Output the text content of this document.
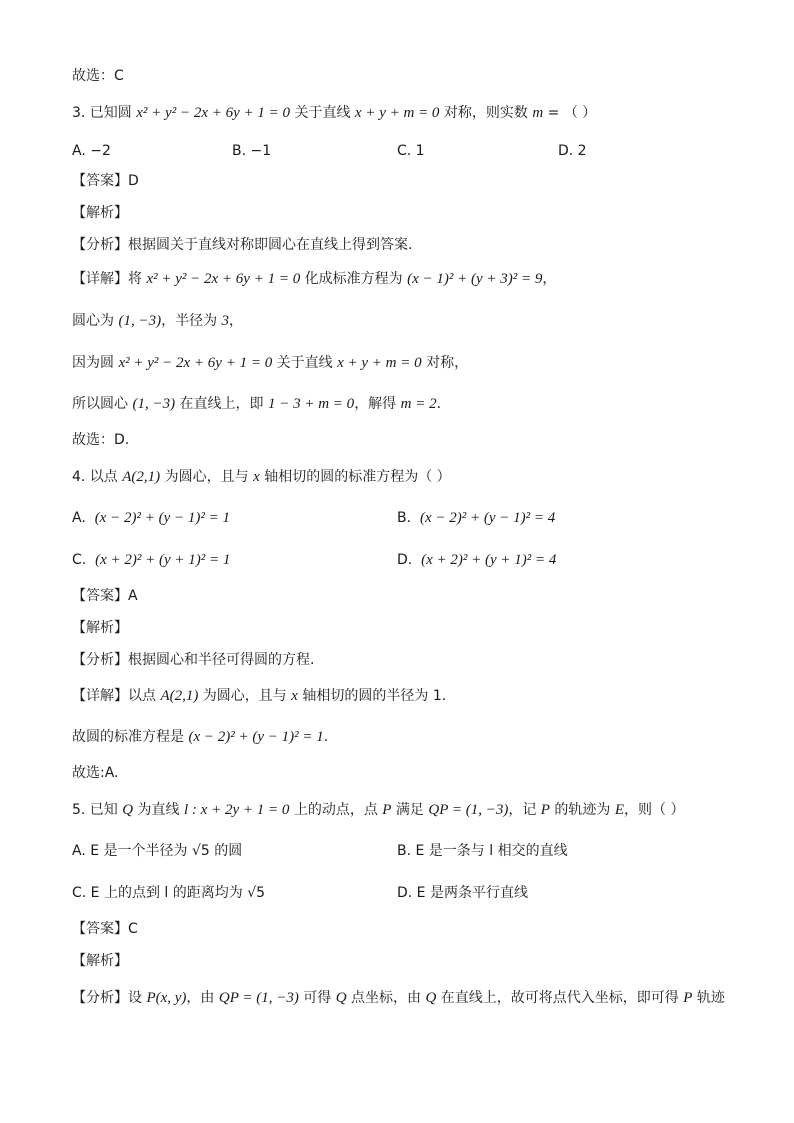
故选：C
3. 已知圆 x² + y² − 2x + 6y + 1 = 0 关于直线 x + y + m = 0 对称，则实数 m = （ ）
A. −2	B. −1	C. 1	D. 2
【答案】D
【解析】
【分析】根据圆关于直线对称即圆心在直线上得到答案.
【详解】将 x² + y² − 2x + 6y + 1 = 0 化成标准方程为 (x − 1)² + (y + 3)² = 9，
圆心为 (1, −3)，半径为 3，
因为圆 x² + y² − 2x + 6y + 1 = 0 关于直线 x + y + m = 0 对称，
所以圆心 (1, −3) 在直线上，即 1 − 3 + m = 0，解得 m = 2.
故选：D.
4. 以点 A(2,1) 为圆心，且与 x 轴相切的圆的标准方程为（ ）
A. (x − 2)² + (y − 1)² = 1	B. (x − 2)² + (y − 1)² = 4
C. (x + 2)² + (y + 1)² = 1	D. (x + 2)² + (y + 1)² = 4
【答案】A
【解析】
【分析】根据圆心和半径可得圆的方程.
【详解】以点 A(2,1) 为圆心，且与 x 轴相切的圆的半径为 1.
故圆的标准方程是 (x − 2)² + (y − 1)² = 1.
故选:A.
5. 已知 Q 为直线 l : x + 2y + 1 = 0 上的动点，点 P 满足 QP = (1, −3)，记 P 的轨迹为 E，则（ ）
A. E 是一个半径为 √5 的圆	B. E 是一条与 l 相交的直线
C. E 上的点到 l 的距离均为 √5	D. E 是两条平行直线
【答案】C
【解析】
【分析】设 P(x, y)，由 QP = (1, −3) 可得 Q 点坐标，由 Q 在直线上，故可将点代入坐标，即可得 P 轨迹
